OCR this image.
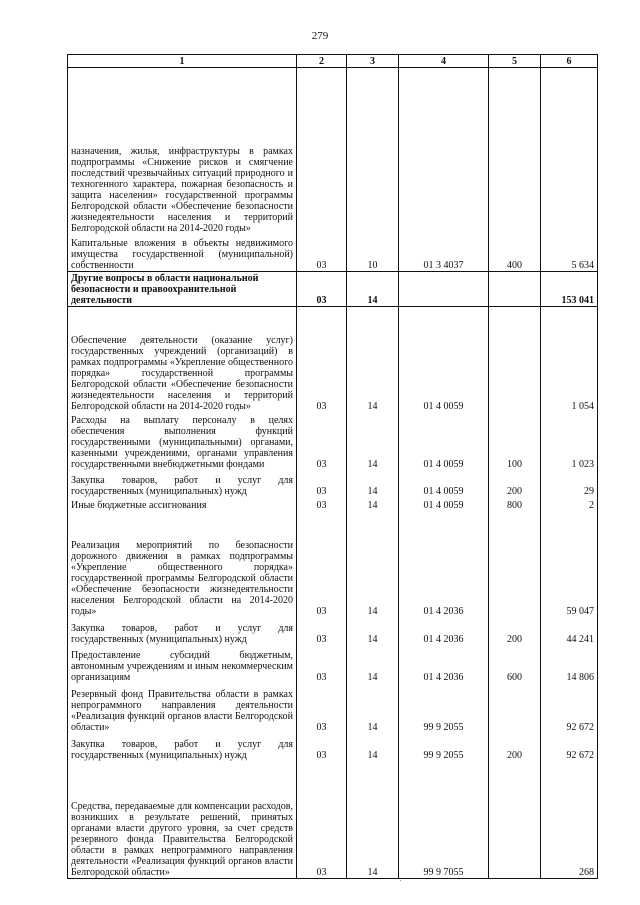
279
1	2	3	4	5	6
назначения, жилья, инфраструктуры в рамках подпрограммы «Снижение рисков и смягчение последствий чрезвычайных ситуаций природного и техногенного характера, пожарная безопасность и защита населения» государственной программы Белгородской области «Обеспечение безопасности жизнедеятельности населения и территорий Белгородской области на 2014-2020 годы»					
Капитальные вложения в объекты недвижимого имущества государственной (муниципальной) собственности	03	10	01 3 4037	400	5 634
Другие вопросы в области национальной безопасности и правоохранительной деятельности	03	14			153 041
Обеспечение деятельности (оказание услуг) государственных учреждений (организаций) в рамках подпрограммы «Укрепление общественного порядка» государственной программы Белгородской области «Обеспечение безопасности жизнедеятельности населения и территорий Белгородской области на 2014-2020 годы»	03	14	01 4 0059		1 054
Расходы на выплату персоналу в целях обеспечения выполнения функций государственными (муниципальными) органами, казенными учреждениями, органами управления государственными внебюджетными фондами	03	14	01 4 0059	100	1 023
Закупка товаров, работ и услуг для государственных (муниципальных) нужд	03	14	01 4 0059	200	29
Иные бюджетные ассигнования	03	14	01 4 0059	800	2
Реализация мероприятий по безопасности дорожного движения в рамках подпрограммы «Укрепление общественного порядка» государственной программы Белгородской области «Обеспечение безопасности жизнедеятельности населения Белгородской области на 2014-2020 годы»	03	14	01 4 2036		59 047
Закупка товаров, работ и услуг для государственных (муниципальных) нужд	03	14	01 4 2036	200	44 241
Предоставление субсидий бюджетным, автономным учреждениям и иным некоммерческим организациям	03	14	01 4 2036	600	14 806
Резервный фонд Правительства области в рамках непрограммного направления деятельности «Реализация функций органов власти Белгородской области»	03	14	99 9 2055		92 672
Закупка товаров, работ и услуг для государственных (муниципальных) нужд	03	14	99 9 2055	200	92 672
Средства, передаваемые для компенсации расходов, возникших в результате решений, принятых органами власти другого уровня, за счет средств резервного фонда Правительства Белгородской области в рамках непрограммного направления деятельности «Реализация функций органов власти Белгородской области»	03	14	99 9 7055		268
